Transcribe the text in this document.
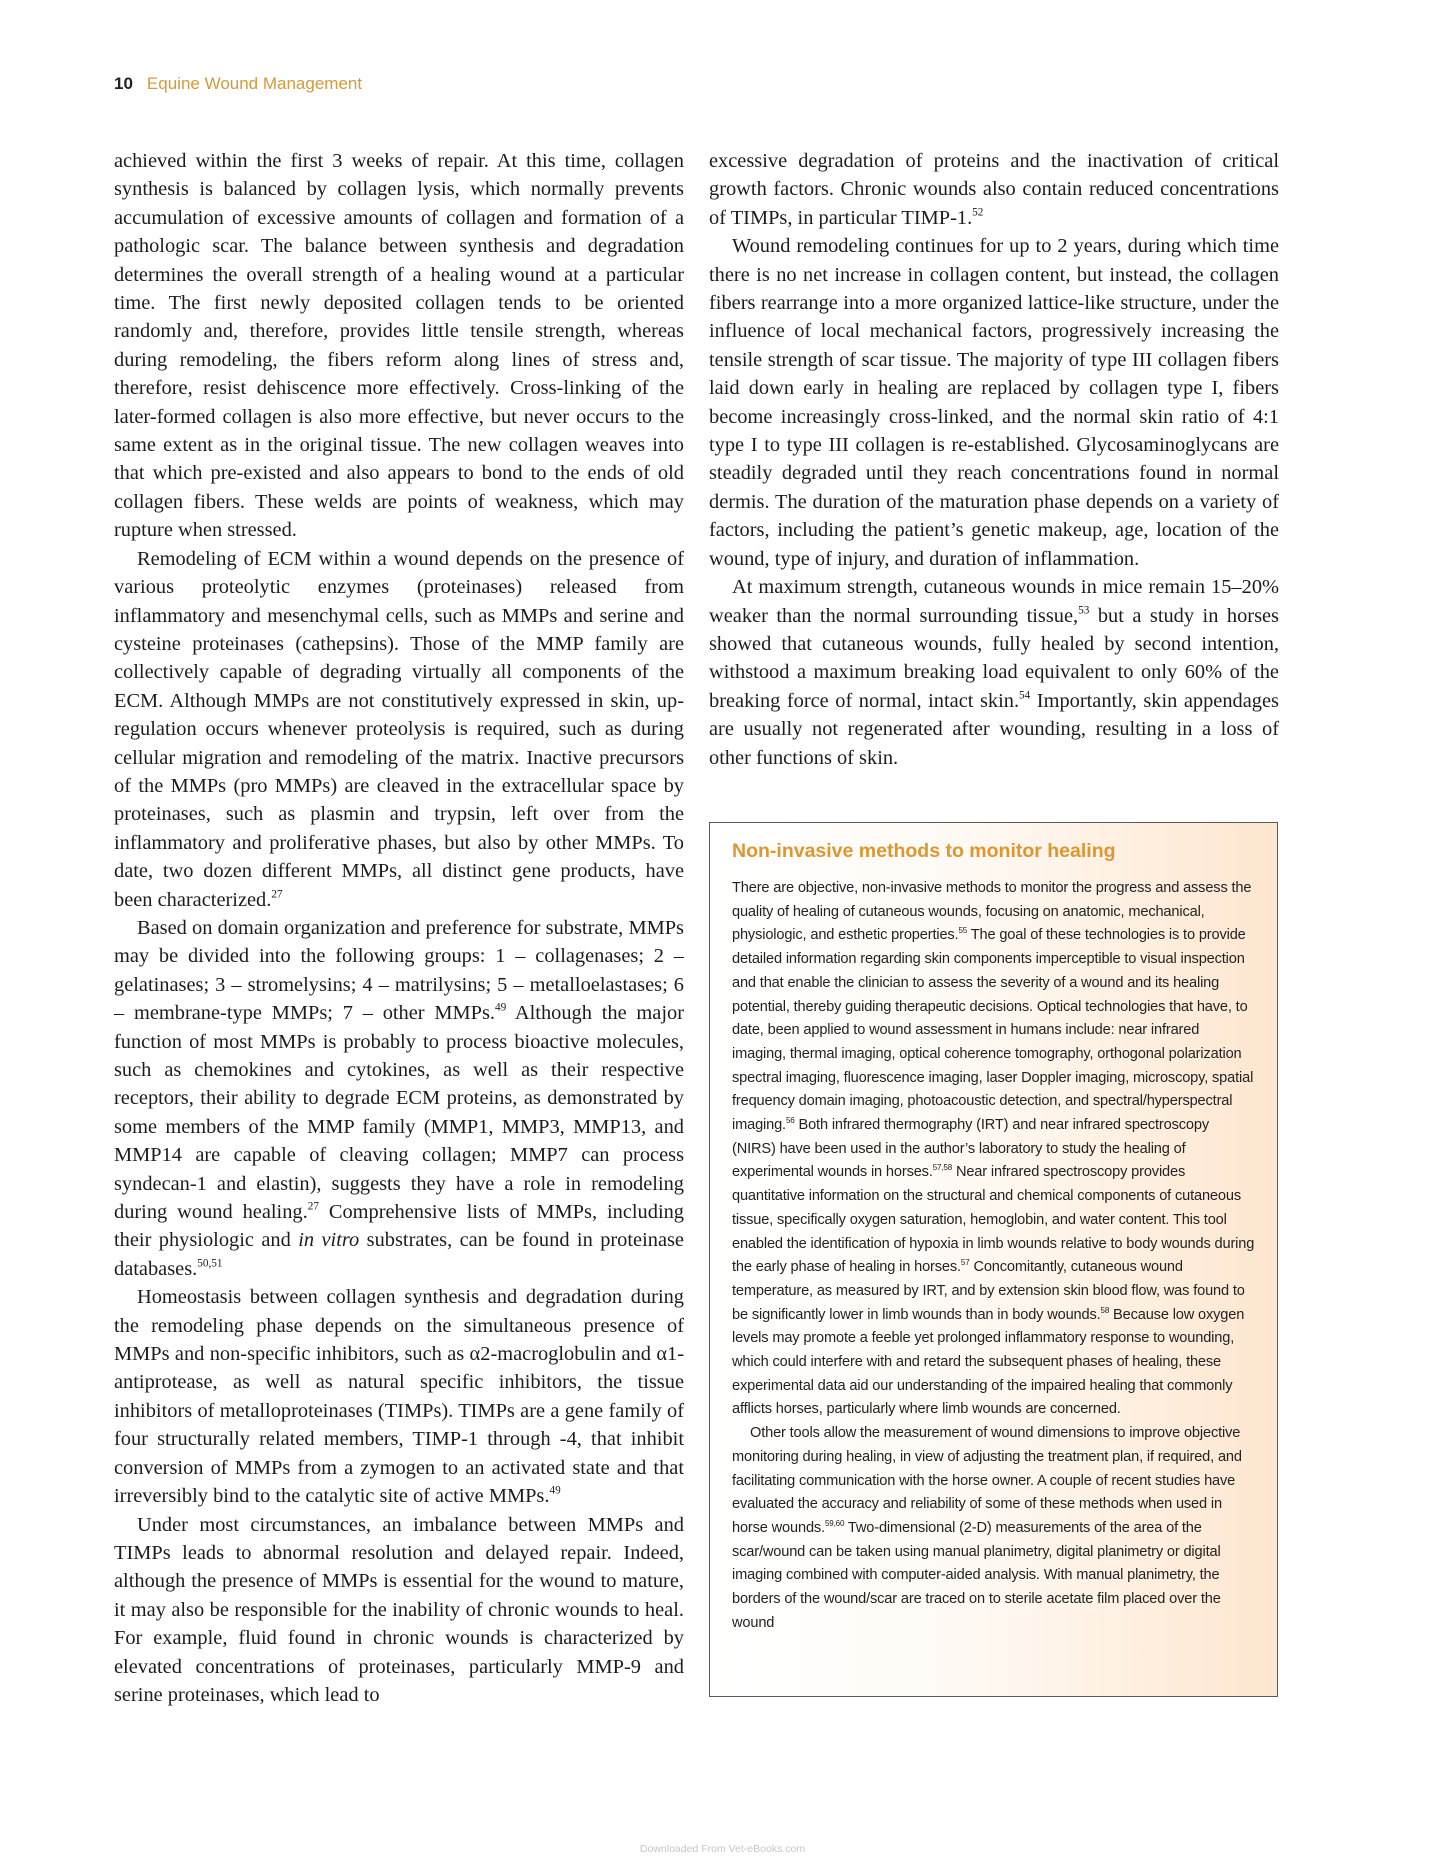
10 Equine Wound Management

achieved within the first 3 weeks of repair. At this time, collagen synthesis is balanced by collagen lysis, which normally prevents accumulation of excessive amounts of collagen and formation of a pathologic scar. The balance between synthesis and degradation determines the overall strength of a healing wound at a particular time. The first newly deposited collagen tends to be oriented randomly and, therefore, provides little tensile strength, whereas during remodeling, the fibers reform along lines of stress and, therefore, resist dehiscence more effectively. Cross-linking of the later-formed collagen is also more effective, but never occurs to the same extent as in the original tissue. The new collagen weaves into that which pre-existed and also appears to bond to the ends of old collagen fibers. These welds are points of weakness, which may rupture when stressed.

Remodeling of ECM within a wound depends on the presence of various proteolytic enzymes (proteinases) released from inflammatory and mesenchymal cells, such as MMPs and serine and cysteine proteinases (cathepsins). Those of the MMP family are collectively capable of degrading virtually all components of the ECM. Although MMPs are not constitutively expressed in skin, up-regulation occurs whenever proteolysis is required, such as during cellular migration and remodeling of the matrix. Inactive precursors of the MMPs (pro MMPs) are cleaved in the extracellular space by proteinases, such as plasmin and trypsin, left over from the inflammatory and proliferative phases, but also by other MMPs. To date, two dozen different MMPs, all distinct gene products, have been characterized.$^{27}$

Based on domain organization and preference for substrate, MMPs may be divided into the following groups: 1 – collagenases; 2 – gelatinases; 3 – stromelysins; 4 – matrilysins; 5 – metalloelastases; 6 – membrane-type MMPs; 7 – other MMPs.$^{49}$ Although the major function of most MMPs is probably to process bioactive molecules, such as chemokines and cytokines, as well as their respective receptors, their ability to degrade ECM proteins, as demonstrated by some members of the MMP family (MMP1, MMP3, MMP13, and MMP14 are capable of cleaving collagen; MMP7 can process syndecan-1 and elastin), suggests they have a role in remodeling during wound healing.$^{27}$ Comprehensive lists of MMPs, including their physiologic and in vitro substrates, can be found in proteinase databases.$^{50,51}$

Homeostasis between collagen synthesis and degradation during the remodeling phase depends on the simultaneous presence of MMPs and non-specific inhibitors, such as α2-macroglobulin and α1-antiprotease, as well as natural specific inhibitors, the tissue inhibitors of metalloproteinases (TIMPs). TIMPs are a gene family of four structurally related members, TIMP-1 through -4, that inhibit conversion of MMPs from a zymogen to an activated state and that irreversibly bind to the catalytic site of active MMPs.$^{49}$

Under most circumstances, an imbalance between MMPs and TIMPs leads to abnormal resolution and delayed repair. Indeed, although the presence of MMPs is essential for the wound to mature, it may also be responsible for the inability of chronic wounds to heal. For example, fluid found in chronic wounds is characterized by elevated concentrations of proteinases, particularly MMP-9 and serine proteinases, which lead to

excessive degradation of proteins and the inactivation of critical growth factors. Chronic wounds also contain reduced concentrations of TIMPs, in particular TIMP-1.52

Wound remodeling continues for up to 2 years, during which time there is no net increase in collagen content, but instead, the collagen fibers rearrange into a more organized lattice-like structure, under the influence of local mechanical factors, progressively increasing the tensile strength of scar tissue. The majority of type III collagen fibers laid down early in healing are replaced by collagen type I, fibers become increasingly cross-linked, and the normal skin ratio of 4:1 type I to type III collagen is re-established. Glycosaminoglycans are steadily degraded until they reach concentrations found in normal dermis. The duration of the maturation phase depends on a variety of factors, including the patient’s genetic makeup, age, location of the wound, type of injury, and duration of inflammation.

At maximum strength, cutaneous wounds in mice remain 15–20% weaker than the normal surrounding tissue,$^{53}$ but a study in horses showed that cutaneous wounds, fully healed by second intention, withstood a maximum breaking load equivalent to only 60% of the breaking force of normal, intact skin.$^{54}$ Importantly, skin appendages are usually not regenerated after wounding, resulting in a loss of other functions of skin.

Non-invasive methods to monitor healing

There are objective, non-invasive methods to monitor the progress and assess the quality of healing of cutaneous wounds, focusing on anatomic, mechanical, physiologic, and esthetic properties.$^{55}$ The goal of these technologies is to provide detailed information regarding skin components imperceptible to visual inspection and that enable the clinician to assess the severity of a wound and its healing potential, thereby guiding therapeutic decisions. Optical technologies that have, to date, been applied to wound assessment in humans include: near infrared imaging, thermal imaging, optical coherence tomography, orthogonal polarization spectral imaging, fluorescence imaging, laser Doppler imaging, microscopy, spatial frequency domain imaging, photoacoustic detection, and spectral/hyperspectral imaging.$^{56}$ Both infrared thermography (IRT) and near infrared spectroscopy (NIRS) have been used in the author’s laboratory to study the healing of experimental wounds in horses.$^{57,58}$ Near infrared spectroscopy provides quantitative information on the structural and chemical components of cutaneous tissue, specifically oxygen saturation, hemoglobin, and water content. This tool enabled the identification of hypoxia in limb wounds relative to body wounds during the early phase of healing in horses.$^{57}$ Concomitantly, cutaneous wound temperature, as measured by IRT, and by extension skin blood flow, was found to be significantly lower in limb wounds than in body wounds.$^{58}$ Because low oxygen levels may promote a feeble yet prolonged inflammatory response to wounding, which could interfere with and retard the subsequent phases of healing, these experimental data aid our understanding of the impaired healing that commonly afflicts horses, particularly where limb wounds are concerned.

Other tools allow the measurement of wound dimensions to improve objective monitoring during healing, in view of adjusting the treatment plan, if required, and facilitating communication with the horse owner. A couple of recent studies have evaluated the accuracy and reliability of some of these methods when used in horse wounds.$^{59,60}$ Two-dimensional (2-D) measurements of the area of the scar/wound can be taken using manual planimetry, digital planimetry or digital imaging combined with computer-aided analysis. With manual planimetry, the borders of the wound/scar are traced on to sterile acetate film placed over the wound

Downloaded From Vet-eBooks.com
